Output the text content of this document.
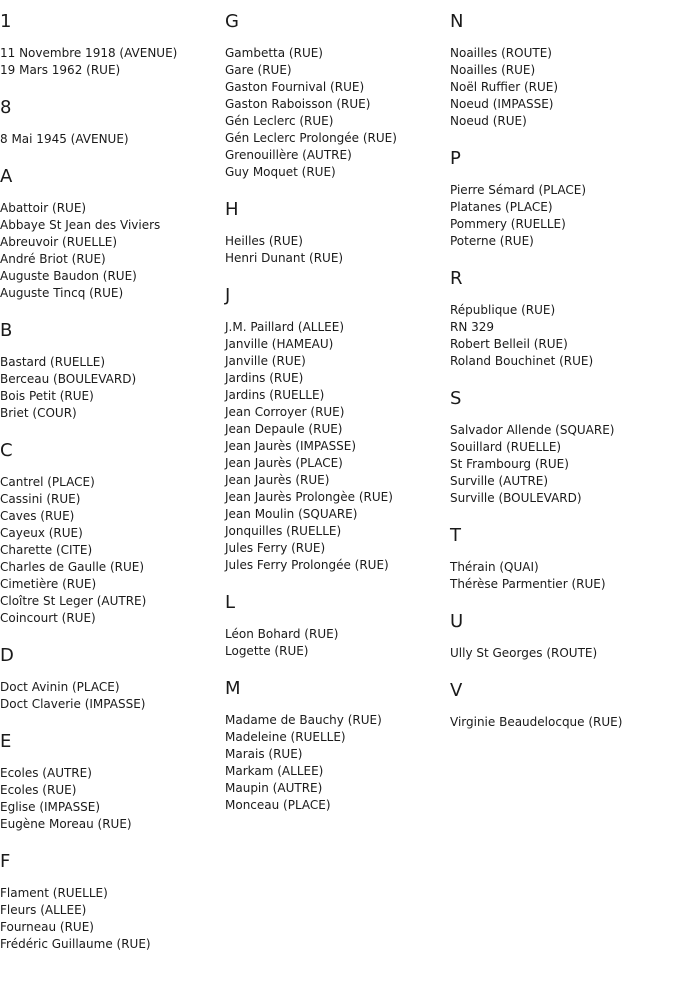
1
11 Novembre 1918 (AVENUE)
19 Mars 1962 (RUE)
8
8 Mai 1945 (AVENUE)
A
Abattoir (RUE)
Abbaye St Jean des Viviers
Abreuvoir (RUELLE)
André Briot (RUE)
Auguste Baudon (RUE)
Auguste Tincq (RUE)
B
Bastard (RUELLE)
Berceau (BOULEVARD)
Bois Petit (RUE)
Briet (COUR)
C
Cantrel (PLACE)
Cassini (RUE)
Caves (RUE)
Cayeux (RUE)
Charette (CITE)
Charles de Gaulle (RUE)
Cimetière (RUE)
Cloître St Leger (AUTRE)
Coincourt (RUE)
D
Doct Avinin (PLACE)
Doct Claverie (IMPASSE)
E
Ecoles (AUTRE)
Ecoles (RUE)
Eglise (IMPASSE)
Eugène Moreau (RUE)
F
Flament (RUELLE)
Fleurs (ALLEE)
Fourneau (RUE)
Frédéric Guillaume (RUE)
G
Gambetta (RUE)
Gare (RUE)
Gaston Fournival (RUE)
Gaston Raboisson (RUE)
Gén Leclerc (RUE)
Gén Leclerc Prolongée (RUE)
Grenouillère (AUTRE)
Guy Moquet (RUE)
H
Heilles (RUE)
Henri Dunant (RUE)
J
J.M. Paillard (ALLEE)
Janville (HAMEAU)
Janville (RUE)
Jardins (RUE)
Jardins (RUELLE)
Jean Corroyer (RUE)
Jean Depaule (RUE)
Jean Jaurès (IMPASSE)
Jean Jaurès (PLACE)
Jean Jaurès (RUE)
Jean Jaurès Prolongèe (RUE)
Jean Moulin (SQUARE)
Jonquilles (RUELLE)
Jules Ferry (RUE)
Jules Ferry Prolongée (RUE)
L
Léon Bohard (RUE)
Logette (RUE)
M
Madame de Bauchy (RUE)
Madeleine (RUELLE)
Marais (RUE)
Markam (ALLEE)
Maupin (AUTRE)
Monceau (PLACE)
N
Noailles (ROUTE)
Noailles (RUE)
Noël Ruffier (RUE)
Noeud (IMPASSE)
Noeud (RUE)
P
Pierre Sémard (PLACE)
Platanes (PLACE)
Pommery (RUELLE)
Poterne (RUE)
R
République (RUE)
RN 329
Robert Belleil (RUE)
Roland Bouchinet (RUE)
S
Salvador Allende (SQUARE)
Souillard (RUELLE)
St Frambourg (RUE)
Surville (AUTRE)
Surville (BOULEVARD)
T
Thérain (QUAI)
Thérèse Parmentier (RUE)
U
Ully St Georges (ROUTE)
V
Virginie Beaudelocque (RUE)
